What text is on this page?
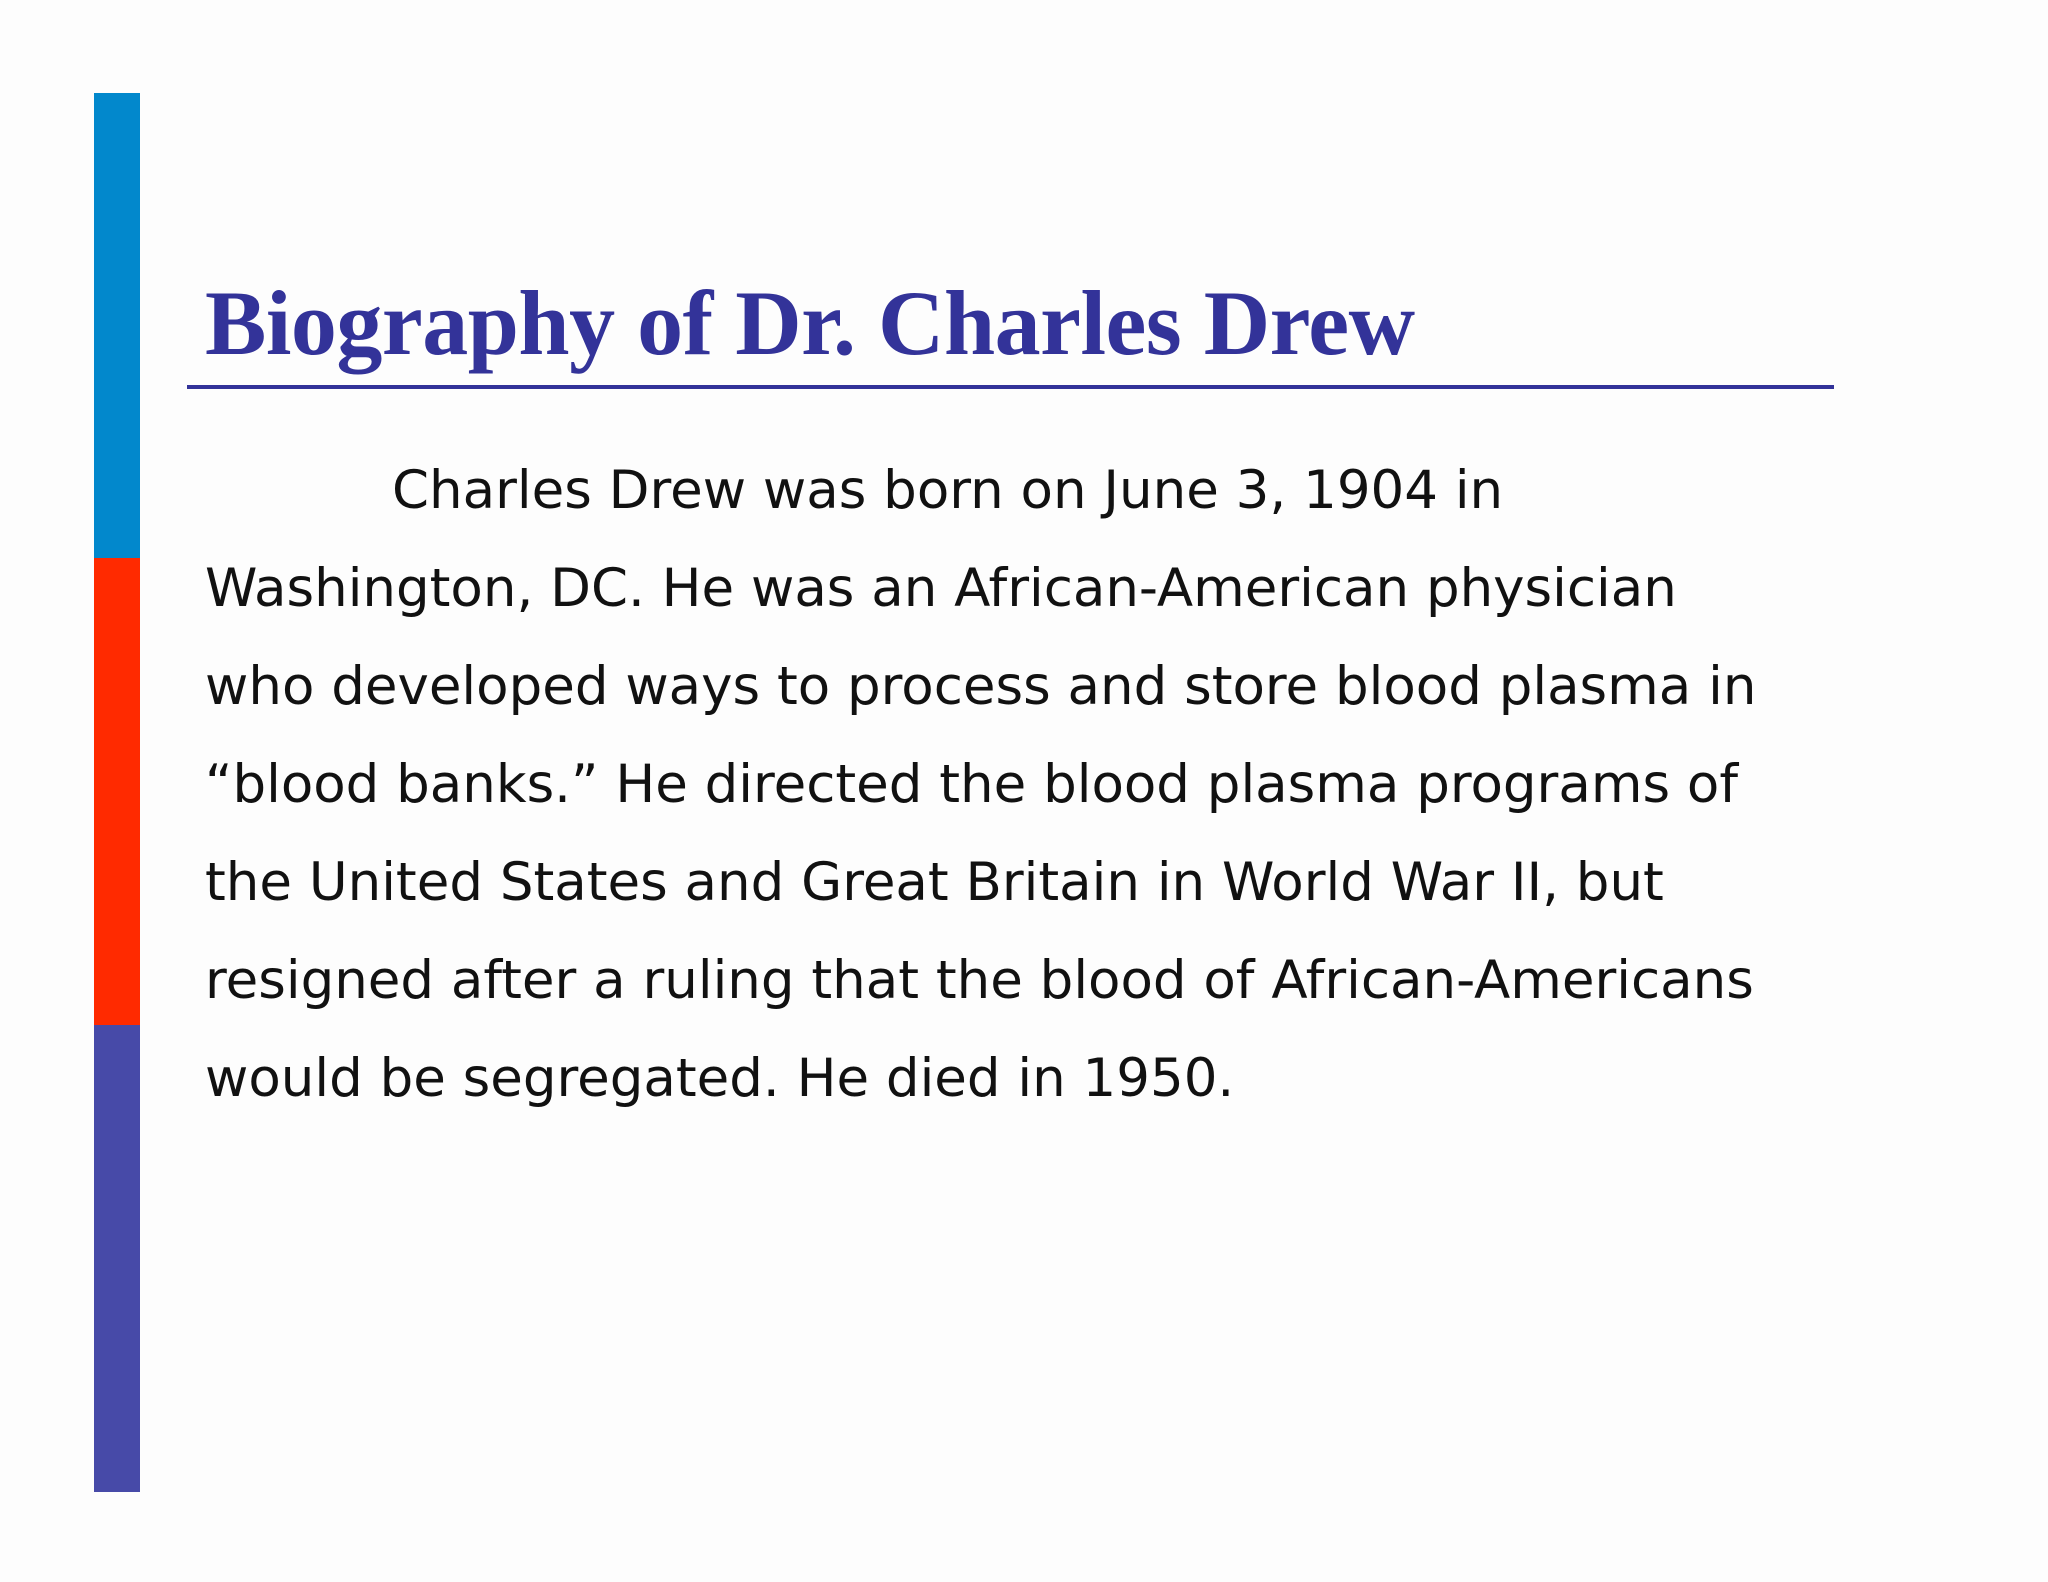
Biography of Dr. Charles Drew
Charles Drew was born on June 3, 1904 in
Washington, DC. He was an African-American physician
who developed ways to process and store blood plasma in
“blood banks.” He directed the blood plasma programs of
the United States and Great Britain in World War II, but
resigned after a ruling that the blood of African-Americans
would be segregated. He died in 1950.
